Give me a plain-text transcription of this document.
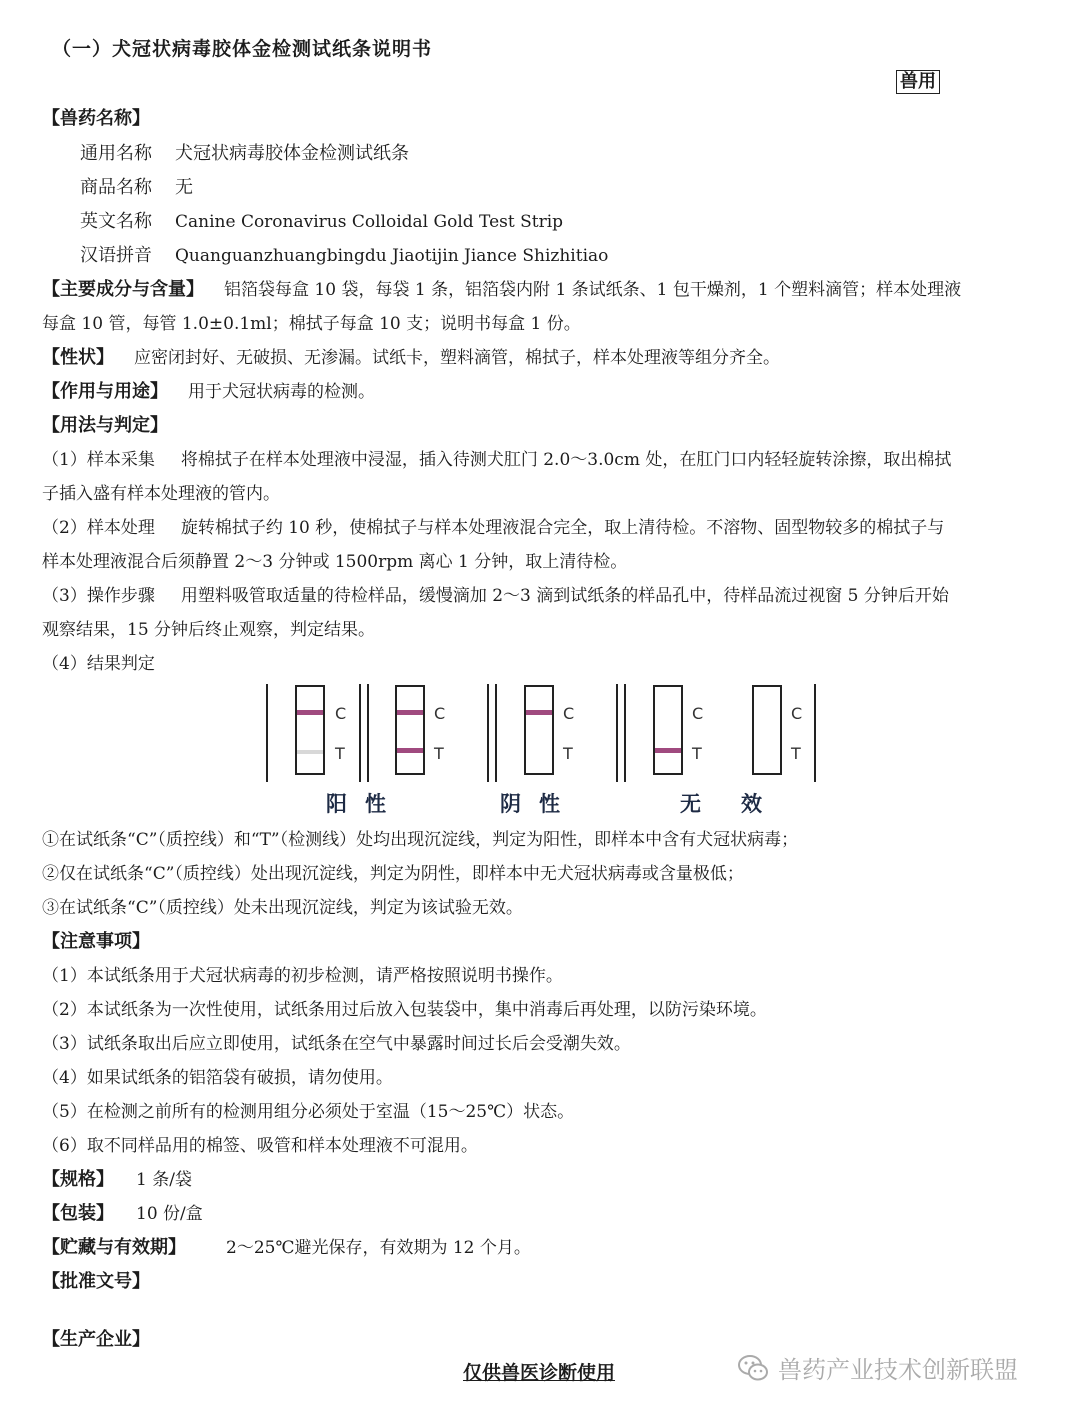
（一）犬冠状病毒胶体金检测试纸条说明书
兽用
【兽药名称】
通用名称 犬冠状病毒胶体金检测试纸条
商品名称 无
英文名称 Canine Coronavirus Colloidal Gold Test Strip
汉语拼音 Quanguanzhuangbingdu Jiaotijin Jiance Shizhitiao
【主要成分与含量】 铝箔袋每盒 10 袋，每袋 1 条，铝箔袋内附 1 条试纸条、1 包干燥剂，1 个塑料滴管；样本处理液
每盒 10 管，每管 1.0±0.1ml；棉拭子每盒 10 支；说明书每盒 1 份。
【性状】 应密闭封好、无破损、无渗漏。试纸卡，塑料滴管，棉拭子，样本处理液等组分齐全。
【作用与用途】 用于犬冠状病毒的检测。
【用法与判定】
（1）样本采集 将棉拭子在样本处理液中浸湿，插入待测犬肛门 2.0～3.0cm 处，在肛门口内轻轻旋转涂擦，取出棉拭
子插入盛有样本处理液的管内。
（2）样本处理 旋转棉拭子约 10 秒，使棉拭子与样本处理液混合完全，取上清待检。不溶物、固型物较多的棉拭子与
样本处理液混合后须静置 2～3 分钟或 1500rpm 离心 1 分钟，取上清待检。
（3）操作步骤 用塑料吸管取适量的待检样品，缓慢滴加 2～3 滴到试纸条的样品孔中，待样品流过视窗 5 分钟后开始
观察结果，15 分钟后终止观察，判定结果。
（4）结果判定
C
T
C
T
C
T
C
T
C
T
阳性	阴性	无效
①在试纸条“C”（质控线）和“T”（检测线）处均出现沉淀线，判定为阳性，即样本中含有犬冠状病毒；
②仅在试纸条“C”（质控线）处出现沉淀线，判定为阴性，即样本中无犬冠状病毒或含量极低；
③在试纸条“C”（质控线）处未出现沉淀线，判定为该试验无效。
【注意事项】
（1）本试纸条用于犬冠状病毒的初步检测，请严格按照说明书操作。
（2）本试纸条为一次性使用，试纸条用过后放入包装袋中，集中消毒后再处理，以防污染环境。
（3）试纸条取出后应立即使用，试纸条在空气中暴露时间过长后会受潮失效。
（4）如果试纸条的铝箔袋有破损，请勿使用。
（5）在检测之前所有的检测用组分必须处于室温（15～25℃）状态。
（6）取不同样品用的棉签、吸管和样本处理液不可混用。
【规格】 1 条/袋
【包装】 10 份/盒
【贮藏与有效期】 2～25℃避光保存，有效期为 12 个月。
【批准文号】
【生产企业】
仅供兽医诊断使用	兽药产业技术创新联盟
